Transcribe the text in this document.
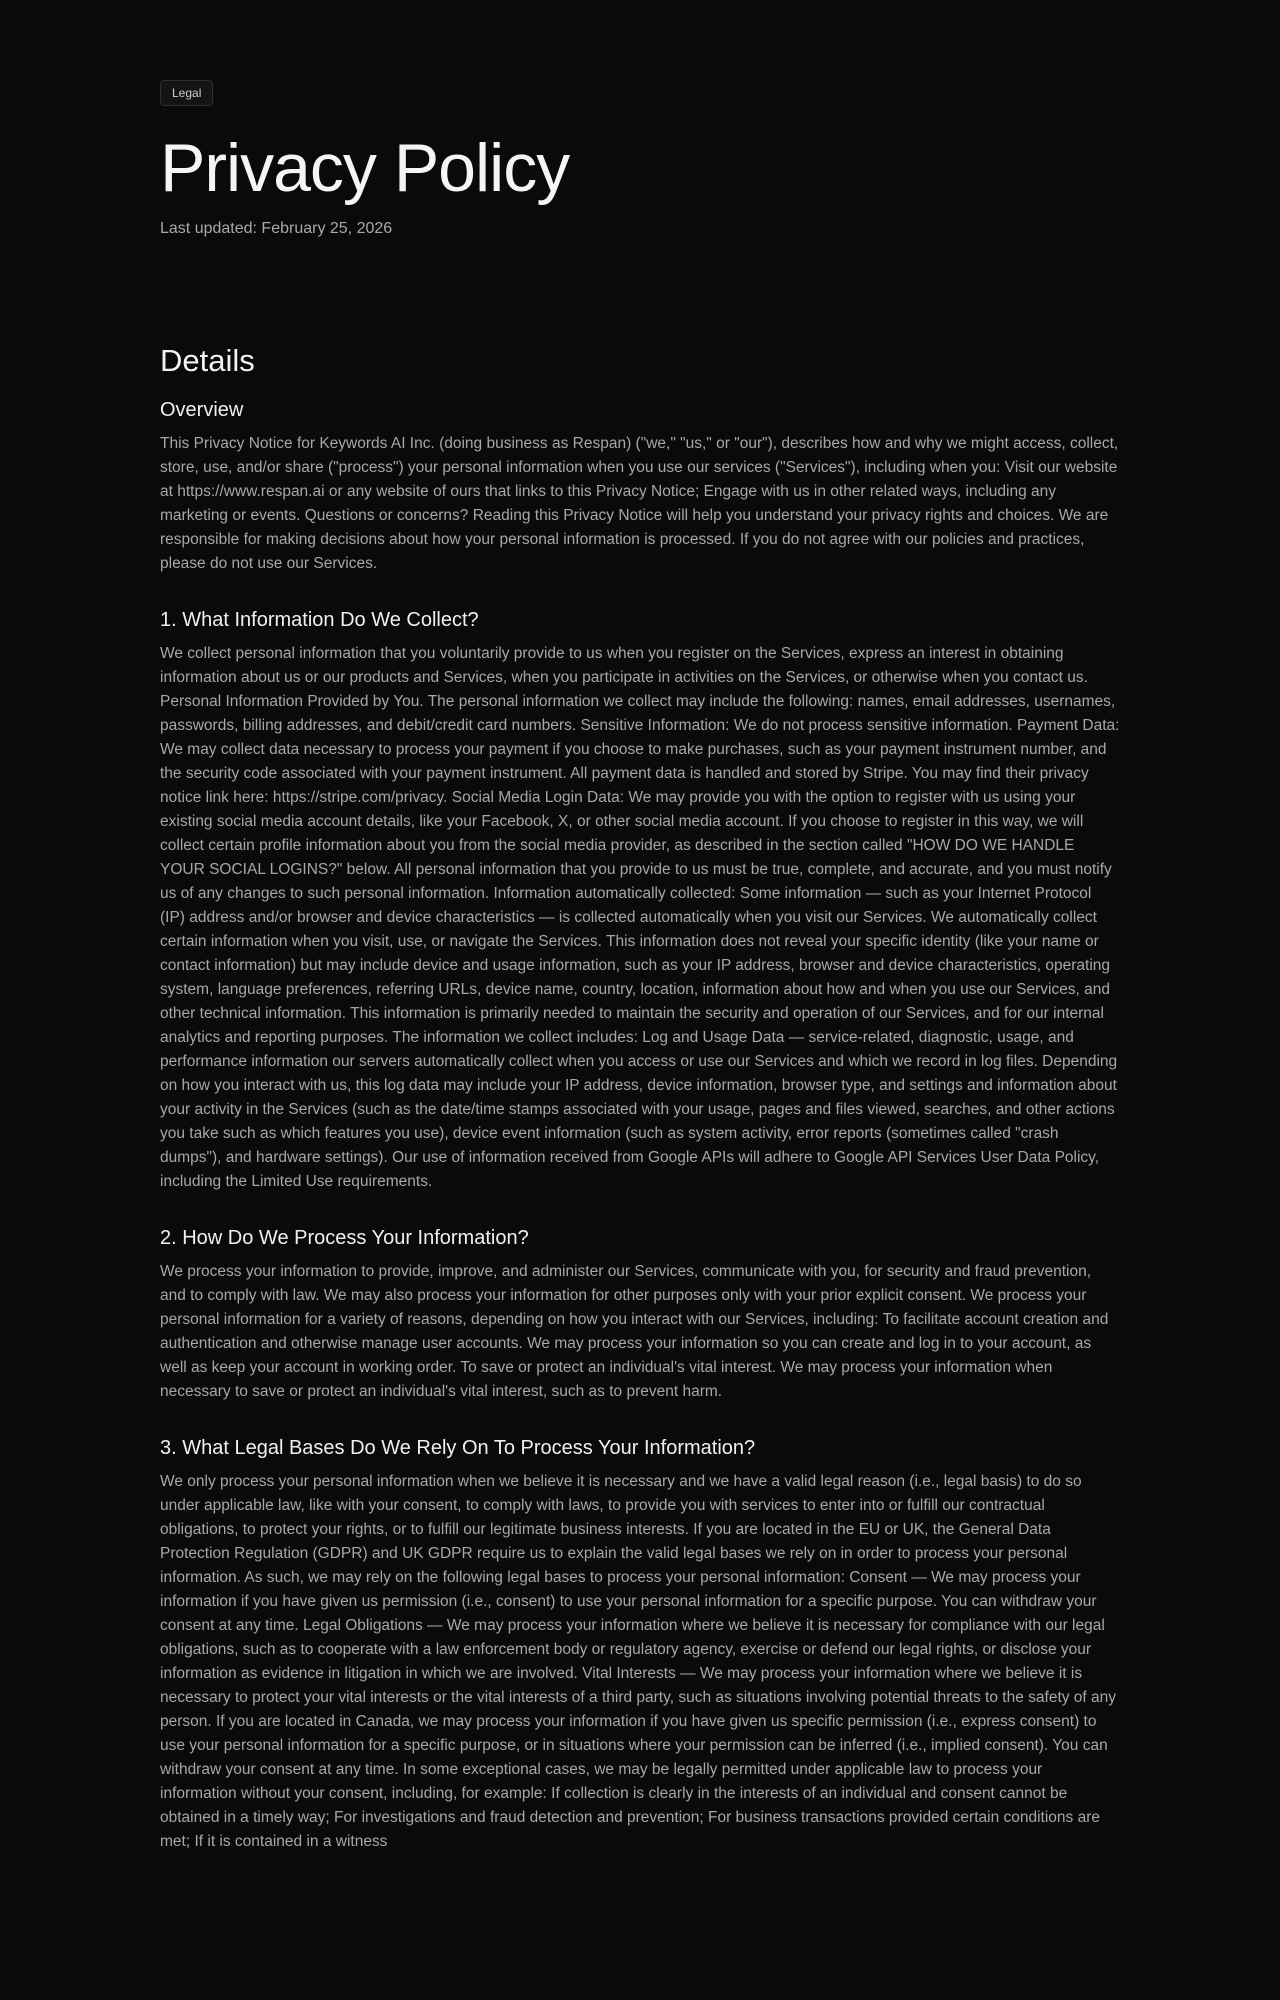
Legal
Privacy Policy
Last updated: February 25, 2026
Details
Overview

This Privacy Notice for Keywords AI Inc. (doing business as Respan) ("we," "us," or "our"), describes how and why we might access, collect, store, use, and/or share ("process") your personal information when you use our services ("Services"), including when you: Visit our website at https://www.respan.ai or any website of ours that links to this Privacy Notice; Engage with us in other related ways, including any marketing or events. Questions or concerns? Reading this Privacy Notice will help you understand your privacy rights and choices. We are responsible for making decisions about how your personal information is processed. If you do not agree with our policies and practices, please do not use our Services.

1. What Information Do We Collect?

We collect personal information that you voluntarily provide to us when you register on the Services, express an interest in obtaining information about us or our products and Services, when you participate in activities on the Services, or otherwise when you contact us. Personal Information Provided by You. The personal information we collect may include the following: names, email addresses, usernames, passwords, billing addresses, and debit/credit card numbers. Sensitive Information: We do not process sensitive information. Payment Data: We may collect data necessary to process your payment if you choose to make purchases, such as your payment instrument number, and the security code associated with your payment instrument. All payment data is handled and stored by Stripe. You may find their privacy notice link here: https://stripe.com/privacy. Social Media Login Data: We may provide you with the option to register with us using your existing social media account details, like your Facebook, X, or other social media account. If you choose to register in this way, we will collect certain profile information about you from the social media provider, as described in the section called "HOW DO WE HANDLE YOUR SOCIAL LOGINS?" below. All personal information that you provide to us must be true, complete, and accurate, and you must notify us of any changes to such personal information. Information automatically collected: Some information — such as your Internet Protocol (IP) address and/or browser and device characteristics — is collected automatically when you visit our Services. We automatically collect certain information when you visit, use, or navigate the Services. This information does not reveal your specific identity (like your name or contact information) but may include device and usage information, such as your IP address, browser and device characteristics, operating system, language preferences, referring URLs, device name, country, location, information about how and when you use our Services, and other technical information. This information is primarily needed to maintain the security and operation of our Services, and for our internal analytics and reporting purposes. The information we collect includes: Log and Usage Data — service-related, diagnostic, usage, and performance information our servers automatically collect when you access or use our Services and which we record in log files. Depending on how you interact with us, this log data may include your IP address, device information, browser type, and settings and information about your activity in the Services (such as the date/time stamps associated with your usage, pages and files viewed, searches, and other actions you take such as which features you use), device event information (such as system activity, error reports (sometimes called "crash dumps"), and hardware settings). Our use of information received from Google APIs will adhere to Google API Services User Data Policy, including the Limited Use requirements.

2. How Do We Process Your Information?

We process your information to provide, improve, and administer our Services, communicate with you, for security and fraud prevention, and to comply with law. We may also process your information for other purposes only with your prior explicit consent. We process your personal information for a variety of reasons, depending on how you interact with our Services, including: To facilitate account creation and authentication and otherwise manage user accounts. We may process your information so you can create and log in to your account, as well as keep your account in working order. To save or protect an individual's vital interest. We may process your information when necessary to save or protect an individual's vital interest, such as to prevent harm.

3. What Legal Bases Do We Rely On To Process Your Information?

We only process your personal information when we believe it is necessary and we have a valid legal reason (i.e., legal basis) to do so under applicable law, like with your consent, to comply with laws, to provide you with services to enter into or fulfill our contractual obligations, to protect your rights, or to fulfill our legitimate business interests. If you are located in the EU or UK, the General Data Protection Regulation (GDPR) and UK GDPR require us to explain the valid legal bases we rely on in order to process your personal information. As such, we may rely on the following legal bases to process your personal information: Consent — We may process your information if you have given us permission (i.e., consent) to use your personal information for a specific purpose. You can withdraw your consent at any time. Legal Obligations — We may process your information where we believe it is necessary for compliance with our legal obligations, such as to cooperate with a law enforcement body or regulatory agency, exercise or defend our legal rights, or disclose your information as evidence in litigation in which we are involved. Vital Interests — We may process your information where we believe it is necessary to protect your vital interests or the vital interests of a third party, such as situations involving potential threats to the safety of any person. If you are located in Canada, we may process your information if you have given us specific permission (i.e., express consent) to use your personal information for a specific purpose, or in situations where your permission can be inferred (i.e., implied consent). You can withdraw your consent at any time. In some exceptional cases, we may be legally permitted under applicable law to process your information without your consent, including, for example: If collection is clearly in the interests of an individual and consent cannot be obtained in a timely way; For investigations and fraud detection and prevention; For business transactions provided certain conditions are met; If it is contained in a witness
